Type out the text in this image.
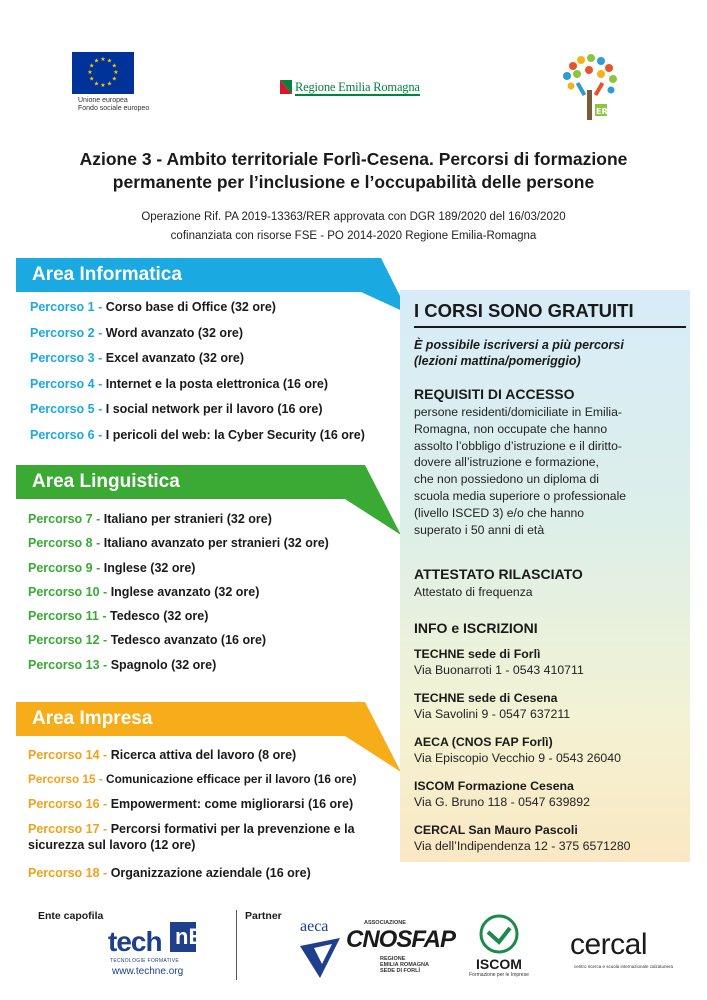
★ ★
★
★
★
★
★
★
★
★
★
★
Unione europea
Fondo sociale europeo
Regione Emilia Romagna
ER
Azione 3 - Ambito territoriale Forlì-Cesena. Percorsi di formazione
permanente per l’inclusione e l’occupabilità delle persone
Operazione Rif. PA 2019-13363/RER approvata con DGR 189/2020 del 16/03/2020
cofinanziata con risorse FSE - PO 2014-2020 Regione Emilia-Romagna
Area Informatica
Percorso 1 - Corso base di Office (32 ore)
Percorso 2 - Word avanzato (32 ore)
Percorso 3 - Excel avanzato (32 ore)
Percorso 4 - Internet e la posta elettronica (16 ore)
Percorso 5 - I social network per il lavoro (16 ore)
Percorso 6 - I pericoli del web: la Cyber Security (16 ore)
Area Linguistica
Percorso 7 - Italiano per stranieri (32 ore)
Percorso 8 - Italiano avanzato per stranieri (32 ore)
Percorso 9 - Inglese (32 ore)
Percorso 10 - Inglese avanzato (32 ore)
Percorso 11 - Tedesco (32 ore)
Percorso 12 - Tedesco avanzato (16 ore)
Percorso 13 - Spagnolo (32 ore)
Area Impresa
Percorso 14 - Ricerca attiva del lavoro (8 ore)
Percorso 15 - Comunicazione efficace per il lavoro (16 ore)
Percorso 16 - Empowerment: come migliorarsi (16 ore)
Percorso 17 - Percorsi formativi per la prevenzione e la sicurezza sul lavoro (12 ore)
Percorso 18 - Organizzazione aziendale (16 ore)
I CORSI SONO GRATUITI
È possibile iscriversi a più percorsi
(lezioni mattina/pomeriggio)
REQUISITI DI ACCESSO
persone residenti/domiciliate in Emilia-
Romagna, non occupate che hanno
assolto l’obbligo d’istruzione e il diritto-
dovere all’istruzione e formazione,
che non possiedono un diploma di
scuola media superiore o professionale
(livello ISCED 3) e/o che hanno
superato i 50 anni di età
ATTESTATO RILASCIATO
Attestato di frequenza
INFO e ISCRIZIONI
TECHNE sede di Forlì
Via Buonarroti 1 - 0543 410711
TECHNE sede di Cesena
Via Savolini 9 - 0547 637211
AECA (CNOS FAP Forlì)
Via Episcopio Vecchio 9 - 0543 26040
ISCOM Formazione Cesena
Via G. Bruno 118 - 0547 639892
CERCAL San Mauro Pascoli
Via dell’Indipendenza 12 - 375 6571280
Ente capofila	Partner
tech nE
TECNOLOGIE FORMATIVE
www.techne.org
aeca	ASSOCIAZIONE
CNOSFAP
REGIONE
EMILIA ROMAGNA
SEDE DI FORLÌ	ISCOM
Formazione per le Imprese
cercal
centro ricerca e scuola internazionale calzaturiera
